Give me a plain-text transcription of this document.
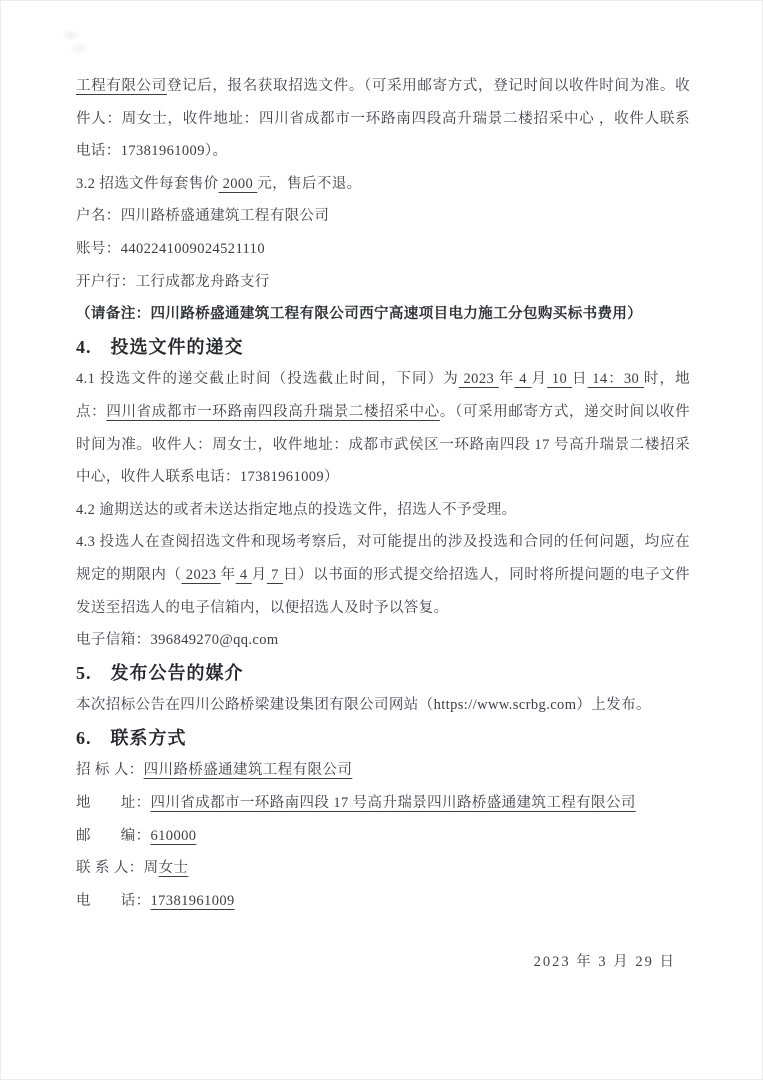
工程有限公司登记后，报名获取招选文件。（可采用邮寄方式，登记时间以收件时间为准。收件人：周女士，收件地址：四川省成都市一环路南四段高升瑞景二楼招采中心 ，收件人联系电话：17381961009）。

3.2 招选文件每套售价 2000 元，售后不退。

户名：四川路桥盛通建筑工程有限公司

账号：4402241009024521110

开户行：工行成都龙舟路支行

（请备注：四川路桥盛通建筑工程有限公司西宁高速项目电力施工分包购买标书费用）

4.　投选文件的递交

4.1 投选文件的递交截止时间（投选截止时间，下同）为 2023 年 4 月 10 日 14：30 时，地点：四川省成都市一环路南四段高升瑞景二楼招采中心。（可采用邮寄方式，递交时间以收件时间为准。收件人：周女士，收件地址：成都市武侯区一环路南四段 17 号高升瑞景二楼招采中心，收件人联系电话：17381961009）

4.2 逾期送达的或者未送达指定地点的投选文件，招选人不予受理。

4.3 投选人在查阅招选文件和现场考察后，对可能提出的涉及投选和合同的任何问题，均应在规定的期限内（ 2023 年 4 月 7 日）以书面的形式提交给招选人，同时将所提问题的电子文件发送至招选人的电子信箱内，以便招选人及时予以答复。

电子信箱：396849270@qq.com

5.　发布公告的媒介

本次招标公告在四川公路桥梁建设集团有限公司网站（https://www.scrbg.com）上发布。

6.　联系方式

招 标 人：四川路桥盛通建筑工程有限公司

地　　址：四川省成都市一环路南四段 17 号高升瑞景四川路桥盛通建筑工程有限公司

邮　　编：610000

联 系 人：周女士

电　　话：17381961009

2023 年 3 月 29 日
